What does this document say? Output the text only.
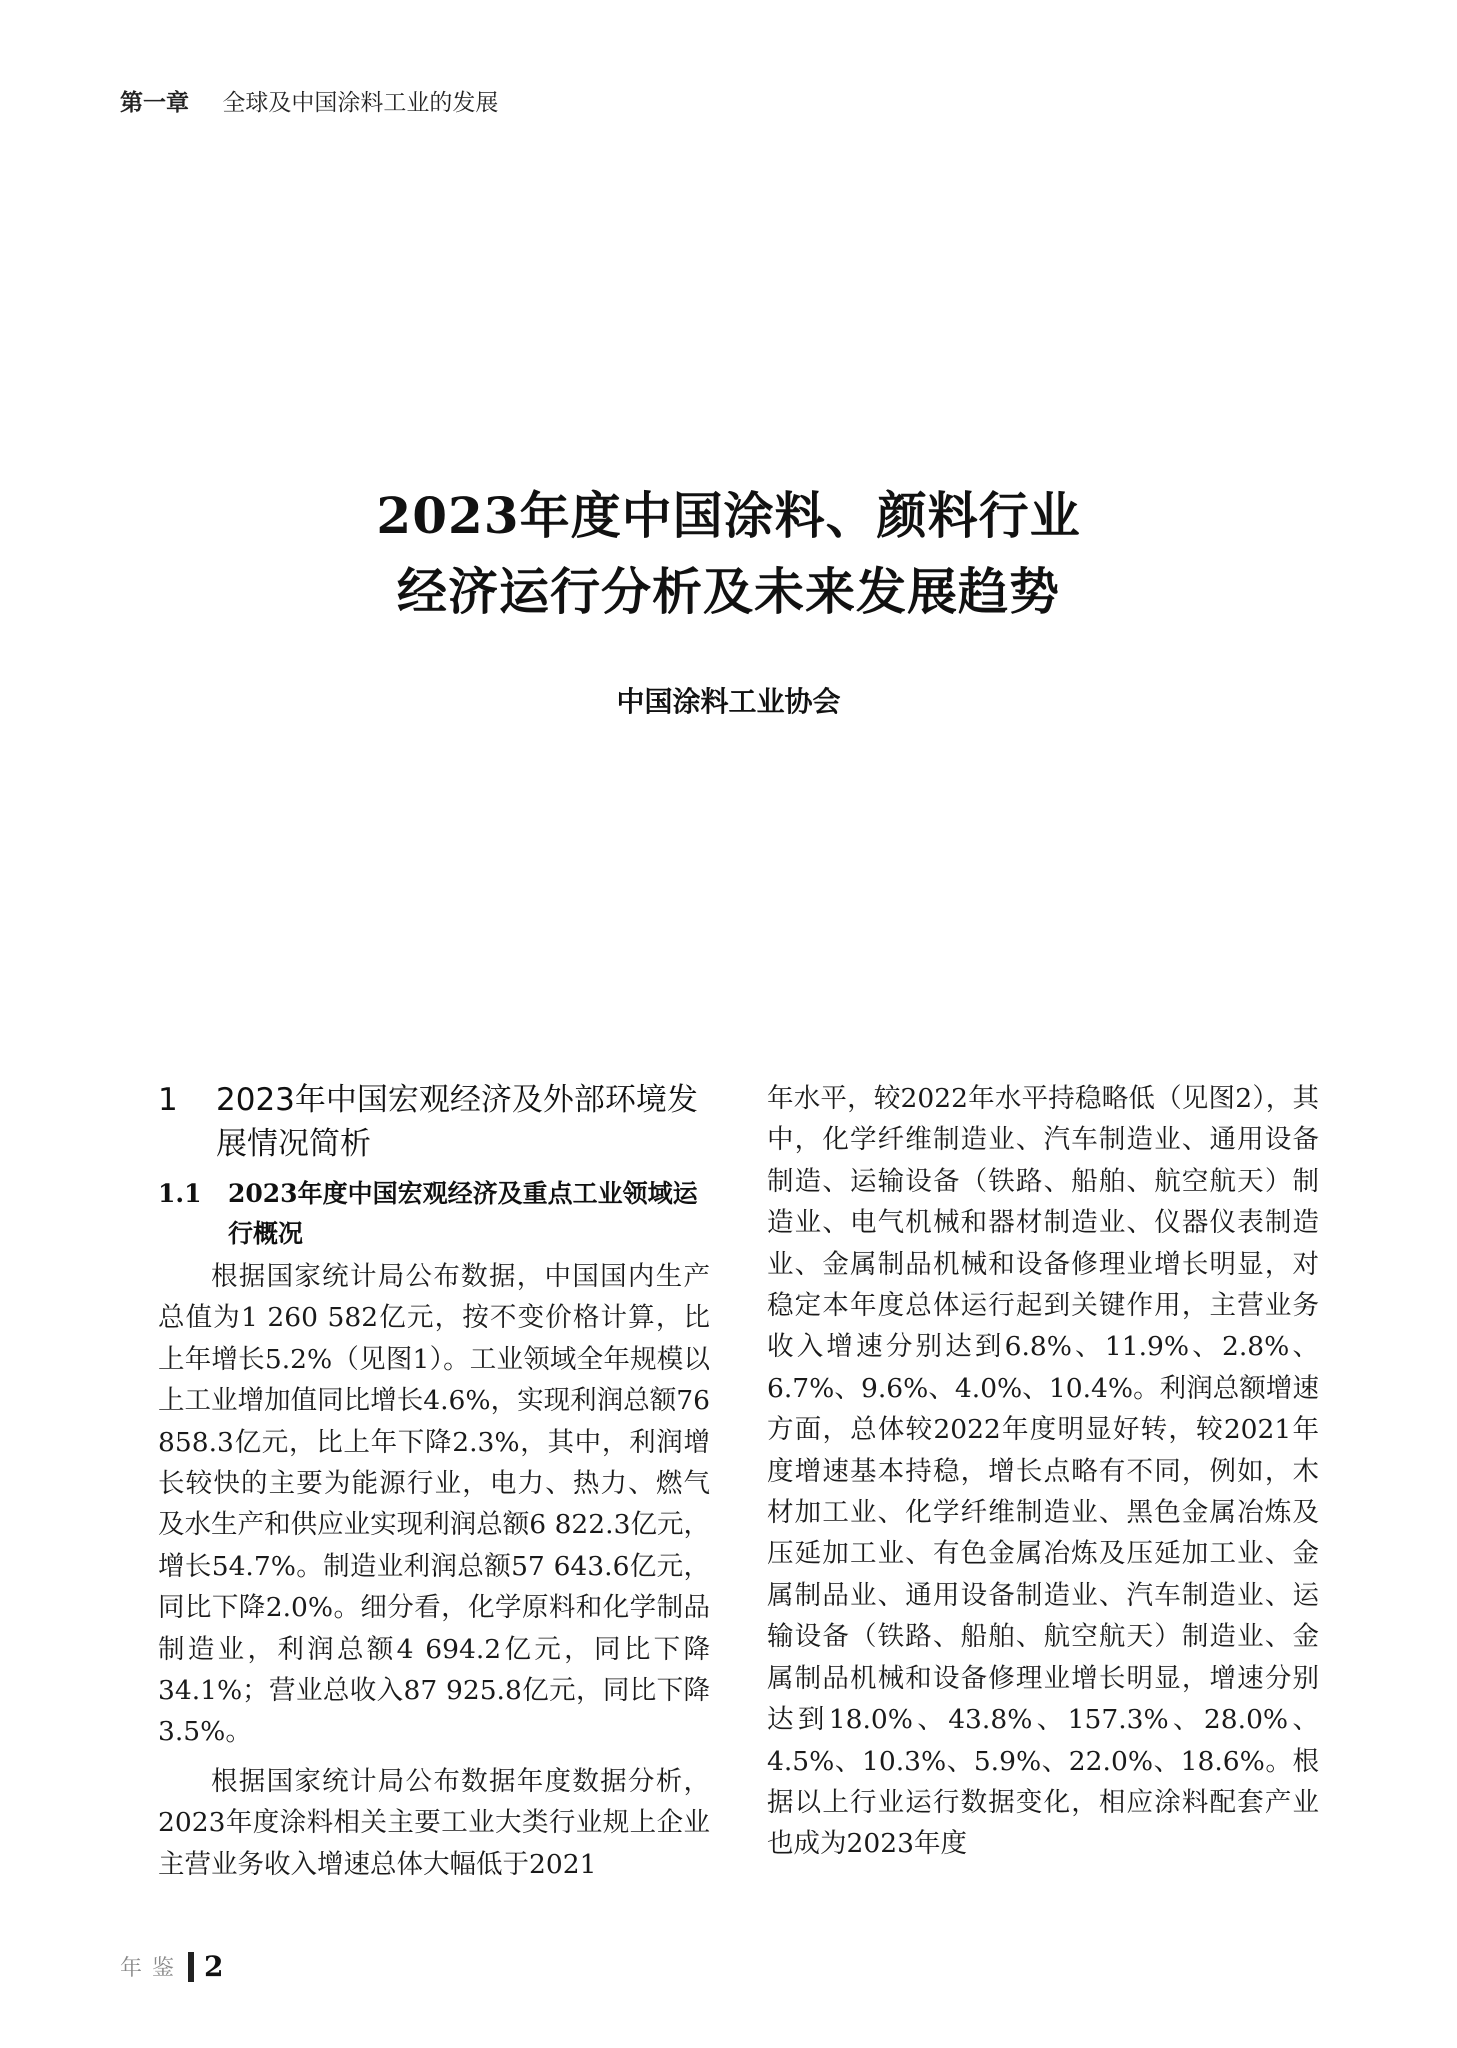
第一章 全球及中国涂料工业的发展
2023年度中国涂料、颜料行业
经济运行分析及未来发展趋势
中国涂料工业协会
1	2023年中国宏观经济及外部环境发展情况简析
1.1	2023年度中国宏观经济及重点工业领域运行概况

根据国家统计局公布数据，中国国内生产总值为1 260 582亿元，按不变价格计算，比上年增长5.2%（见图1）。工业领域全年规模以上工业增加值同比增长4.6%，实现利润总额76 858.3亿元，比上年下降2.3%，其中，利润增长较快的主要为能源行业，电力、热力、燃气及水生产和供应业实现利润总额6 822.3亿元，增长54.7%。制造业利润总额57 643.6亿元，同比下降2.0%。细分看，化学原料和化学制品制造业，利润总额4 694.2亿元，同比下降34.1%；营业总收入87 925.8亿元，同比下降3.5%。

根据国家统计局公布数据年度数据分析，2023年度涂料相关主要工业大类行业规上企业主营业务收入增速总体大幅低于2021

年水平，较2022年水平持稳略低（见图2），其中，化学纤维制造业、汽车制造业、通用设备制造、运输设备（铁路、船舶、航空航天）制造业、电气机械和器材制造业、仪器仪表制造业、金属制品机械和设备修理业增长明显，对稳定本年度总体运行起到关键作用，主营业务收入增速分别达到6.8%、11.9%、2.8%、6.7%、9.6%、4.0%、10.4%。利润总额增速方面，总体较2022年度明显好转，较2021年度增速基本持稳，增长点略有不同，例如，木材加工业、化学纤维制造业、黑色金属冶炼及压延加工业、有色金属冶炼及压延加工业、金属制品业、通用设备制造业、汽车制造业、运输设备（铁路、船舶、航空航天）制造业、金属制品机械和设备修理业增长明显，增速分别达到18.0%、43.8%、157.3%、28.0%、4.5%、10.3%、5.9%、22.0%、18.6%。根据以上行业运行数据变化，相应涂料配套产业也成为2023年度

年鉴 2
